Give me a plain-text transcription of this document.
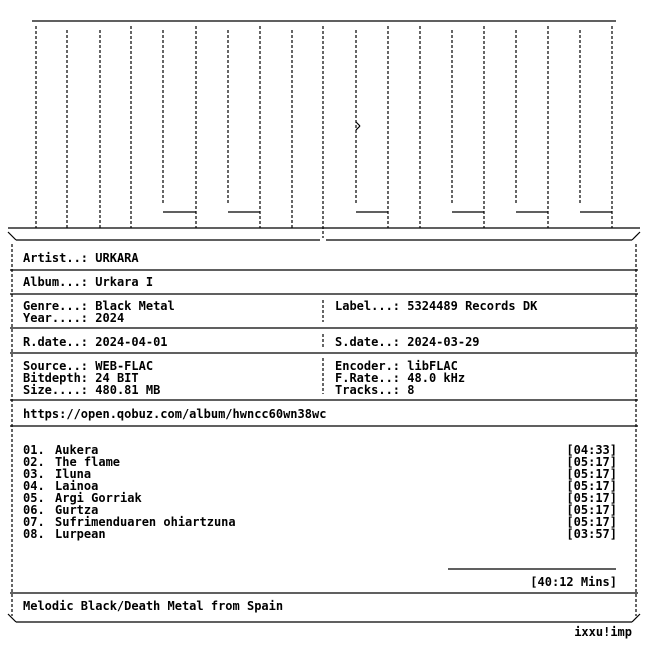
Artist..: URKARA
Album...: Urkara I
Genre...: Black Metal
Year....: 2024
Label...: 5324489 Records DK
R.date..: 2024-04-01	S.date..: 2024-03-29
Source..: WEB-FLAC
Bitdepth: 24 BIT
Size....: 480.81 MB
Encoder.: libFLAC
F.Rate..: 48.0 kHz
Tracks..: 8
https://open.qobuz.com/album/hwncc60wn38wc
01. Aukera	[04:33]
02. The flame	[05:17]
03. Iluna	[05:17]
04. Lainoa	[05:17]
05. Argi Gorriak	[05:17]
06. Gurtza	[05:17]
07. Sufrimenduaren ohiartzuna	[05:17]
08. Lurpean	[03:57]
[40:12 Mins]
Melodic Black/Death Metal from Spain
ixxu!imp
